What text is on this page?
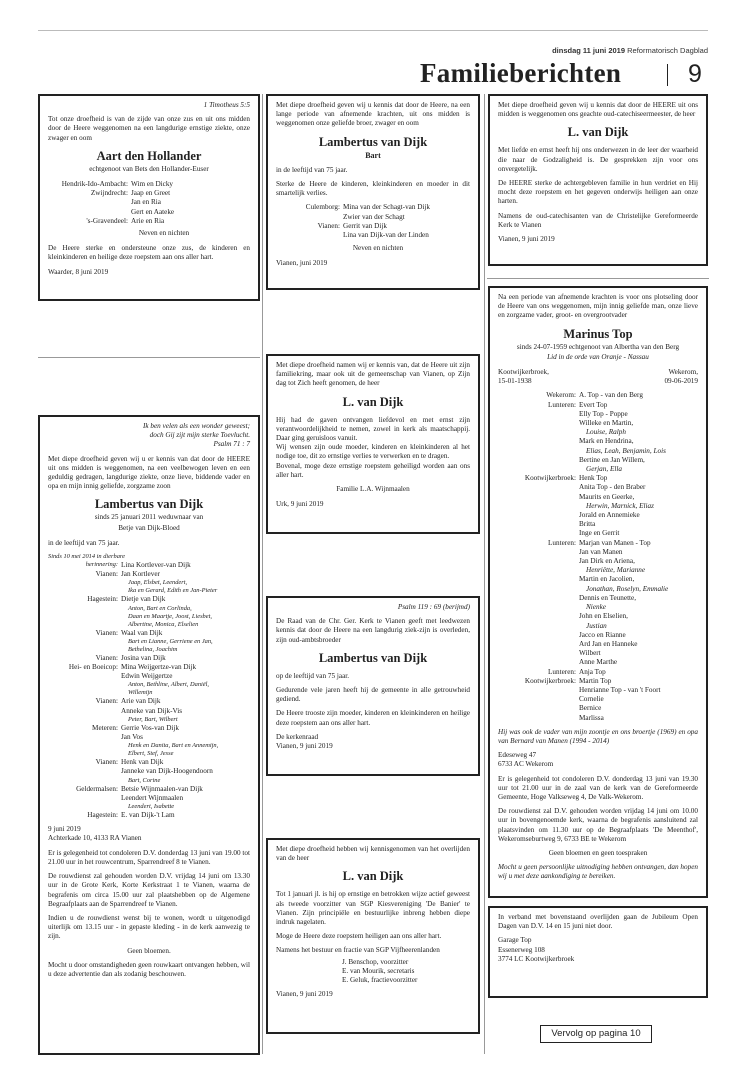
dinsdag 11 juni 2019 Reformatorisch Dagblad
Familieberichten	9
1 Timotheus 5:5

Tot onze droefheid is van de zijde van onze zus en uit ons midden door de Heere weggenomen na een langdurige ernstige ziekte, onze zwager en oom

Aart den Hollander
echtgenoot van Bets den Hollander-Euser
Hendrik-Ido-Ambacht: Wim en Dicky
Zwijndrecht: Jaap en Greet
Jan en Ria
Gert en Aateke
's-Gravendeel: Arie en Ria
Neven en nichten

De Heere sterke en ondersteune onze zus, de kinderen en kleinkinderen en heilige deze roepstem aan ons aller hart.

Waarder, 8 juni 2019

Met diepe droefheid geven wij u kennis dat door de Heere, na een lange periode van afnemende krachten, uit ons midden is weggenomen onze geliefde broer, zwager en oom

Lambertus van Dijk
Bart

in de leeftijd van 75 jaar.

Sterke de Heere de kinderen, kleinkinderen en moeder in dit smartelijk verlies.

Culemborg: Mina van der Schagt-van Dijk
Zwier van der Schagt
Vianen: Gerrit van Dijk
Lina van Dijk-van der Linden
Neven en nichten
Vianen, juni 2019

Met diepe droefheid geven wij u kennis dat door de HEERE uit ons midden is weggenomen ons geachte oud-catechiseermeester, de heer

L. van Dijk

Met liefde en ernst heeft hij ons onderwezen in de leer der waarheid die naar de Godzaligheid is. De gesprekken zijn voor ons onvergetelijk.

De HEERE sterke de achtergebleven familie in hun verdriet en Hij mocht deze roepstem en het gegeven onderwijs heiligen aan onze harten.

Namens de oud-catechisanten van de Christelijke Gereformeerde Kerk te Vianen

Vianen, 9 juni 2019

Met diepe droefheid namen wij er kennis van, dat de Heere uit zijn familiekring, maar ook uit de gemeenschap van Vianen, op Zijn dag tot Zich heeft genomen, de heer

L. van Dijk

Hij had de gaven ontvangen liefdevol en met ernst zijn verantwoordelijkheid te nemen, zowel in kerk als maatschappij. Daar ging geruisloos vanuit.

Wij wensen zijn oude moeder, kinderen en kleinkinderen al het nodige toe, dit zo ernstige verlies te verwerken en te dragen.

Bovenal, moge deze ernstige roepstem geheiligd worden aan ons aller hart.

Familie L.A. Wijnmaalen
Urk, 9 juni 2019
Ik ben velen als een wonder geweest;
doch Gij zijt mijn sterke Toevlucht.
Psalm 71 : 7

Met diepe droefheid geven wij u er kennis van dat door de HEERE uit ons midden is weggenomen, na een veelbewogen leven en een geduldig gedragen, langdurige ziekte, onze lieve, biddende vader en opa en mijn innig geliefde, zorgzame zoon

Lambertus van Dijk
sinds 25 januari 2011 weduwnaar van
Betje van Dijk-Bloed

in de leeftijd van 75 jaar.

Sinds 10 mei 2014 in dierbare
herinnering: Lina Kortlever-van Dijk
Vianen: Jan Kortlever
Jaap, Elsbet, Leendert,
Ika en Gerard, Edith en Jan-Pieter
Hagestein: Dietje van Dijk
Anton, Bart en Corlinda,
Daan en Maartje, Joost, Liesbet,
Albertine, Monica, Elselien
Vianen: Waal van Dijk
Bart en Lianne, Gerriene en Jan,
Bethelina, Joachim
Vianen: Josina van Dijk
Hei- en Boeicop: Mina Weijgertze-van Dijk
Edwin Weijgertze
Anton, Bethline, Albert, Daniël,
Willemijn
Vianen: Arie van Dijk
Anneke van Dijk-Vis
Peter, Bart, Wilbert
Meteren: Gerrie Vos-van Dijk
Jan Vos
Henk en Danita, Bart en Annemijn,
Elbert, Stef, Jesse
Vianen: Henk van Dijk
Janneke van Dijk-Hoogendoorn
Bart, Corine
Geldermalsen: Betsie Wijnmaalen-van Dijk
Leendert Wijnmaalen
Leendert, Isabette
Hagestein: E. van Dijk-'t Lam
9 juni 2019

Achterkade 10, 4133 RA Vianen

Er is gelegenheid tot condoleren D.V. donderdag 13 juni van 19.00 tot 21.00 uur in het rouwcentrum, Sparrendreef 8 te Vianen.

De rouwdienst zal gehouden worden D.V. vrijdag 14 juni om 13.30 uur in de Grote Kerk, Korte Kerkstraat 1 te Vianen, waarna de begrafenis om circa 15.00 uur zal plaatshebben op de Algemene Begraafplaats aan de Sparrendreef te Vianen.

Indien u de rouwdienst wenst bij te wonen, wordt u uitgenodigd uiterlijk om 13.15 uur - in gepaste kleding - in de kerk aanwezig te zijn.

Geen bloemen.

Mocht u door omstandigheden geen rouwkaart ontvangen hebben, wil u deze advertentie dan als zodanig beschouwen.

Psalm 119 : 69 (berijmd)

De Raad van de Chr. Ger. Kerk te Vianen geeft met leedwezen kennis dat door de Heere na een langdurig ziek-zijn is overleden, zijn oud-ambtsbroeder

Lambertus van Dijk

op de leeftijd van 75 jaar.

Gedurende vele jaren heeft hij de gemeente in alle getrouwheid gediend.

De Heere trooste zijn moeder, kinderen en kleinkinderen en heilige deze roepstem aan ons aller hart.

De kerkenraad
Vianen, 9 juni 2019

Met diepe droefheid hebben wij kennisgenomen van het overlijden van de heer

L. van Dijk

Tot 1 januari jl. is hij op ernstige en betrokken wijze actief geweest als tweede voorzitter van SGP Kiesvereniging 'De Banier' te Vianen. Zijn principiële en bestuurlijke inbreng hebben diepe indruk nagelaten.

Moge de Heere deze roepstem heiligen aan ons aller hart.

Namens het bestuur en fractie van SGP Vijfheerenlanden

J. Benschop, voorzitter
E. van Mourik, secretaris
E. Geluk, fractievoorzitter
Vianen, 9 juni 2019

Na een periode van afnemende krachten is voor ons plotseling door de Heere van ons weggenomen, mijn innig geliefde man, onze lieve en zorgzame vader, groot- en overgrootvader

Marinus Top
sinds 24-07-1959 echtgenoot van Albertha van den Berg
Lid in de orde van Oranje - Nassau
Kootwijkerbroek,	Wekerom,
15-01-1938	09-06-2019
Wekerom: A. Top - van den Berg
Lunteren: Evert Top
Elly Top - Poppe
Willeke en Martin,
Louise, Ralph
Mark en Hendrina,
Elias, Leah, Benjamin, Lois
Bertine en Jan Willem,
Gerjan, Ella
Kootwijkerbroek: Henk Top
Anita Top - den Braber
Maurits en Geerke,
Herwin, Marnick, Eliaz
Jorald en Annemieke
Britta
Inge en Gerrit
Lunteren: Marjan van Manen - Top
Jan van Manen
Jan Dirk en Ariena,
Henriëtte, Marianne
Martin en Jacolien,
Jonathan, Roselyn, Emmalie
Dennis en Teunette,
Nienke
John en Elselien,
Justian
Jacco en Rianne
Ard Jan en Hanneke
Wilbert
Anne Marthe
Lunteren: Anja Top
Kootwijkerbroek: Martin Top
Henrianne Top - van 't Foort
Cornelie
Bernice
Marlissa

Hij was ook de vader van mijn zoontje en ons broertje (1969) en opa van Bernard van Manen (1994 - 2014)

Edeseweg 47

6733 AC Wekerom

Er is gelegenheid tot condoleren D.V. donderdag 13 juni van 19.30 uur tot 21.00 uur in de zaal van de kerk van de Gereformeerde Gemeente, Hoge Valkseweg 4, De Valk-Wekerom.

De rouwdienst zal D.V. gehouden worden vrijdag 14 juni om 10.00 uur in bovengenoemde kerk, waarna de begrafenis aansluitend zal plaatsvinden om 11.30 uur op de Begraafplaats 'De Meenthof', Wekeromseburtweg 9, 6733 BE te Wekerom

Geen bloemen en geen toespraken

Mocht u geen persoonlijke uitnodiging hebben ontvangen, dan hopen wij u met deze aankondiging te bereiken.

In verband met bovenstaand overlijden gaan de Jubileum Open Dagen van D.V. 14 en 15 juni niet door.

Garage Top
Essenerweg 108
3774 LC Kootwijkerbroek
Vervolg op pagina 10
